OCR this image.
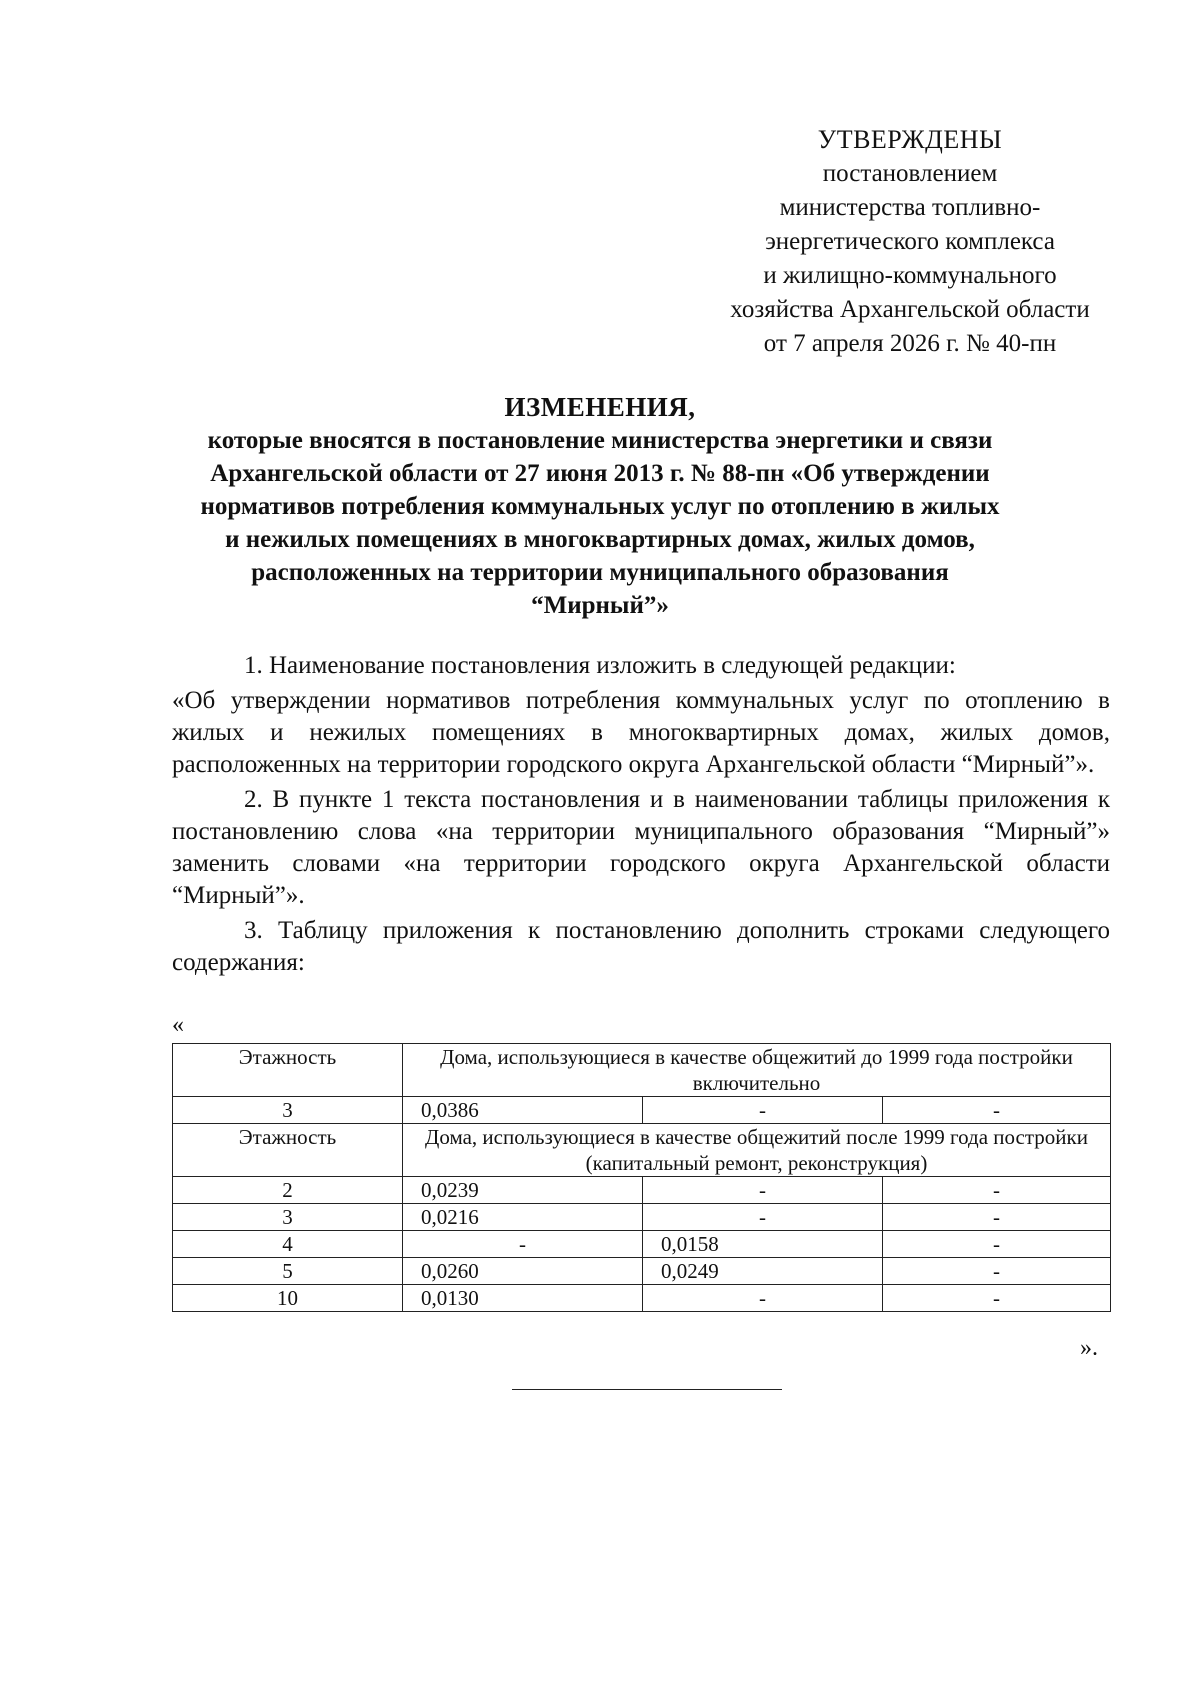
УТВЕРЖДЕНЫ
постановлением
министерства топливно-
энергетического комплекса
и жилищно-коммунального
хозяйства Архангельской области
от 7 апреля 2026 г. № 40-пн
ИЗМЕНЕНИЯ,
которые вносятся в постановление министерства энергетики и связи
Архангельской области от 27 июня 2013 г. № 88-пн «Об утверждении
нормативов потребления коммунальных услуг по отоплению в жилых
и нежилых помещениях в многоквартирных домах, жилых домов,
расположенных на территории муниципального образования
“Мирный”»

1. Наименование постановления изложить в следующей редакции:

«Об утверждении нормативов потребления коммунальных услуг по отоплению в жилых и нежилых помещениях в многоквартирных домах, жилых домов, расположенных на территории городского округа Архангельской области “Мирный”».

2. В пункте 1 текста постановления и в наименовании таблицы приложения к постановлению слова «на территории муниципального образования “Мирный”» заменить словами «на территории городского округа Архангельской области “Мирный”».

3. Таблицу приложения к постановлению дополнить строками следующего содержания:

«
Этажность	Дома, использующиеся в качестве общежитий до 1999 года постройки включительно		
3	0,0386	-	-
Этажность	Дома, использующиеся в качестве общежитий после 1999 года постройки (капитальный ремонт, реконструкция)		
2	0,0239	-	-
3	0,0216	-	-
4	-	0,0158	-
5	0,0260	0,0249	-
10	0,0130	-	-
».
